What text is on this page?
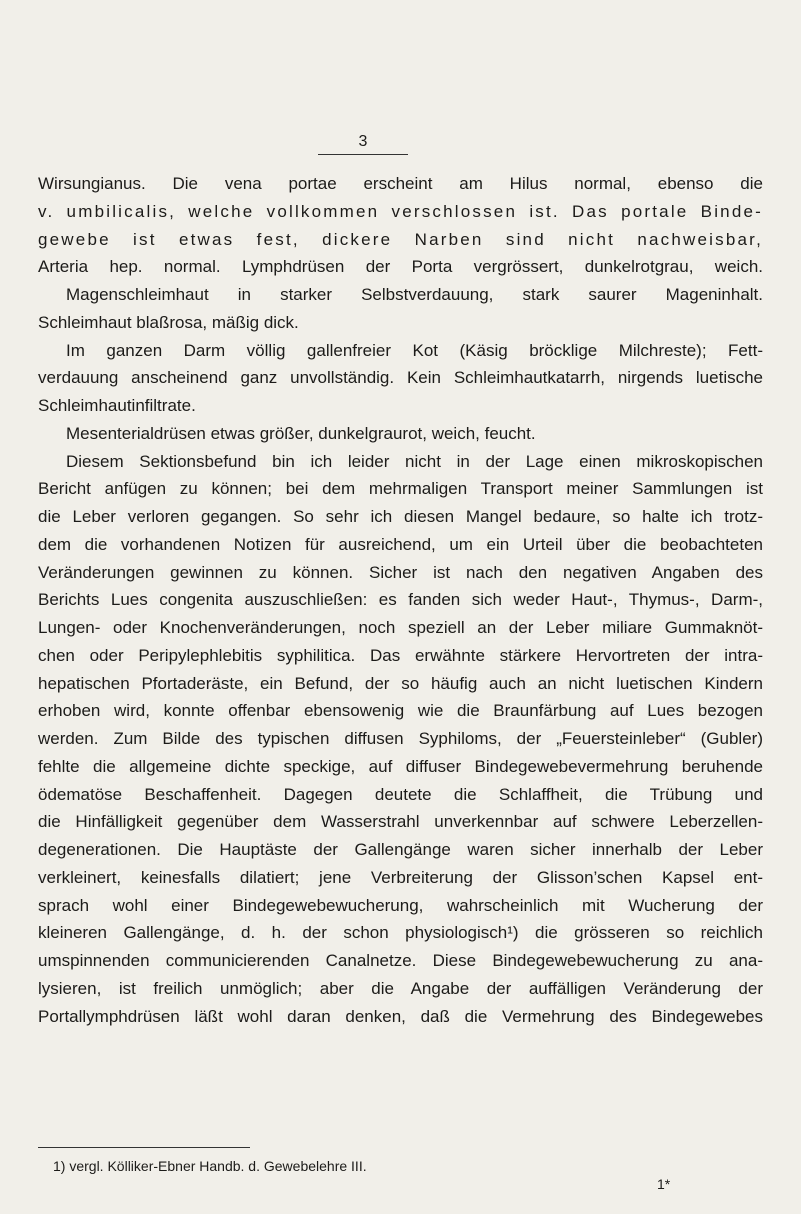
3

Wirsungianus. Die vena portae erscheint am Hilus normal, ebenso die
v. umbilicalis, welche vollkommen verschlossen ist. Das portale Binde-
gewebe ist etwas fest, dickere Narben sind nicht nachweisbar,
Arteria hep. normal. Lymphdrüsen der Porta vergrössert, dunkelrotgrau, weich.

Magenschleimhaut in starker Selbstverdauung, stark saurer Mageninhalt.
Schleimhaut blaßrosa, mäßig dick.

Im ganzen Darm völlig gallenfreier Kot (Käsig bröcklige Milchreste); Fett-
verdauung anscheinend ganz unvollständig. Kein Schleimhautkatarrh, nirgends luetische
Schleimhautinfiltrate.

Mesenterialdrüsen etwas größer, dunkelgraurot, weich, feucht.

Diesem Sektionsbefund bin ich leider nicht in der Lage einen mikroskopischen
Bericht anfügen zu können; bei dem mehrmaligen Transport meiner Sammlungen ist
die Leber verloren gegangen. So sehr ich diesen Mangel bedaure, so halte ich trotz-
dem die vorhandenen Notizen für ausreichend, um ein Urteil über die beobachteten
Veränderungen gewinnen zu können. Sicher ist nach den negativen Angaben des
Berichts Lues congenita auszuschließen: es fanden sich weder Haut-, Thymus-, Darm-,
Lungen- oder Knochenveränderungen, noch speziell an der Leber miliare Gummaknöt-
chen oder Peripylephlebitis syphilitica. Das erwähnte stärkere Hervortreten der intra-
hepatischen Pfortaderäste, ein Befund, der so häufig auch an nicht luetischen Kindern
erhoben wird, konnte offenbar ebensowenig wie die Braunfärbung auf Lues bezogen
werden. Zum Bilde des typischen diffusen Syphiloms, der „Feuersteinleber“ (Gubler)
fehlte die allgemeine dichte speckige, auf diffuser Bindegewebevermehrung beruhende
ödematöse Beschaffenheit. Dagegen deutete die Schlaffheit, die Trübung und
die Hinfälligkeit gegenüber dem Wasserstrahl unverkennbar auf schwere Leberzellen-
degenerationen. Die Hauptäste der Gallengänge waren sicher innerhalb der Leber
verkleinert, keinesfalls dilatiert; jene Verbreiterung der Glisson’schen Kapsel ent-
sprach wohl einer Bindegewebewucherung, wahrscheinlich mit Wucherung der
kleineren Gallengänge, d. h. der schon physiologisch¹) die grösseren so reichlich
umspinnenden communicierenden Canalnetze. Diese Bindegewebewucherung zu ana-
lysieren, ist freilich unmöglich; aber die Angabe der auffälligen Veränderung der
Portallymphdrüsen läßt wohl daran denken, daß die Vermehrung des Bindegewebes

1) vergl. Kölliker-Ebner Handb. d. Gewebelehre III.
1*
